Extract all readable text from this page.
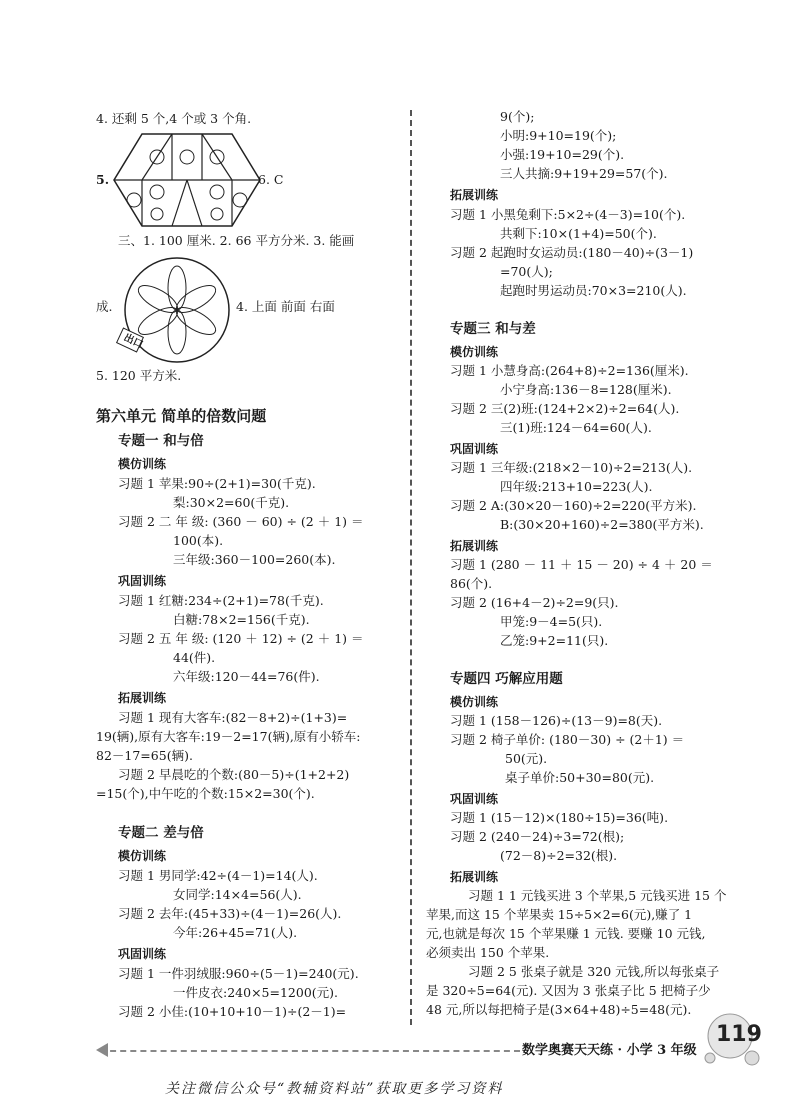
4. 还剩 5 个,4 个或 3 个角.
5.	6. C
三、1. 100 厘米. 2. 66 平方分米. 3. 能画
出口
成.	4. 上面 前面 右面
5. 120 平方米.
第六单元 简单的倍数问题
专题一 和与倍
模仿训练
习题 1 苹果:90÷(2+1)=30(千克).
梨:30×2=60(千克).
习题 2 二 年 级: (360 － 60) ÷ (2 ＋ 1) ＝
100(本).
三年级:360－100=260(本).
巩固训练
习题 1 红糖:234÷(2+1)=78(千克).
白糖:78×2=156(千克).
习题 2 五 年 级: (120 ＋ 12) ÷ (2 ＋ 1) ＝
44(件).
六年级:120－44=76(件).
拓展训练
习题 1 现有大客车:(82－8+2)÷(1+3)=
19(辆),原有大客车:19－2=17(辆),原有小轿车:
82－17=65(辆).
习题 2 早晨吃的个数:(80－5)÷(1+2+2)
=15(个),中午吃的个数:15×2=30(个).
专题二 差与倍
模仿训练
习题 1 男同学:42÷(4－1)=14(人).
女同学:14×4=56(人).
习题 2 去年:(45+33)÷(4－1)=26(人).
今年:26+45=71(人).
巩固训练
习题 1 一件羽绒服:960÷(5－1)=240(元).
一件皮衣:240×5=1200(元).
习题 2 小佳:(10+10+10－1)÷(2－1)=
9(个);
小明:9+10=19(个);
小强:19+10=29(个).
三人共摘:9+19+29=57(个).
拓展训练
习题 1 小黑兔剩下:5×2÷(4－3)=10(个).
共剩下:10×(1+4)=50(个).
习题 2 起跑时女运动员:(180－40)÷(3－1)
=70(人);
起跑时男运动员:70×3=210(人).
专题三 和与差
模仿训练
习题 1 小慧身高:(264+8)÷2=136(厘米).
小宁身高:136－8=128(厘米).
习题 2 三(2)班:(124+2×2)÷2=64(人).
三(1)班:124－64=60(人).
巩固训练
习题 1 三年级:(218×2－10)÷2=213(人).
四年级:213+10=223(人).
习题 2 A:(30×20－160)÷2=220(平方米).
B:(30×20+160)÷2=380(平方米).
拓展训练
习题 1 (280 － 11 ＋ 15 － 20) ÷ 4 ＋ 20 ＝
86(个).
习题 2 (16+4－2)÷2=9(只).
甲笼:9－4=5(只).
乙笼:9+2=11(只).
专题四 巧解应用题
模仿训练
习题 1 (158－126)÷(13－9)=8(天).
习题 2 椅子单价: (180－30) ÷ (2＋1) ＝
50(元).
桌子单价:50+30=80(元).
巩固训练
习题 1 (15－12)×(180÷15)=36(吨).
习题 2 (240－24)÷3=72(根);
(72－8)÷2=32(根).
拓展训练
习题 1 1 元钱买进 3 个苹果,5 元钱买进 15 个
苹果,而这 15 个苹果卖 15÷5×2=6(元),赚了 1
元,也就是每次 15 个苹果赚 1 元钱. 要赚 10 元钱,
必须卖出 150 个苹果.
习题 2 5 张桌子就是 320 元钱,所以每张桌子
是 320÷5=64(元). 又因为 3 张桌子比 5 把椅子少
48 元,所以每把椅子是(3×64+48)÷5=48(元).
数学奥赛天天练 · 小学 3 年级
119
关注微信公众号“教辅资料站”获取更多学习资料
